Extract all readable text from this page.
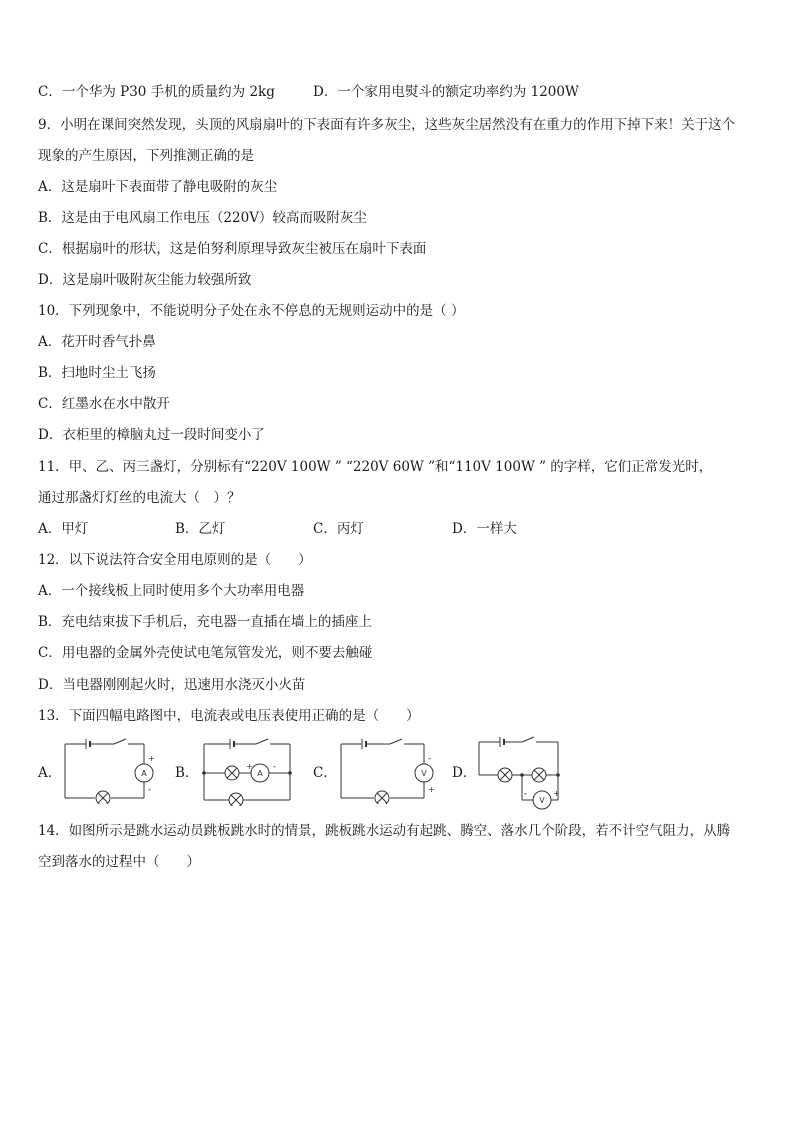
C．一个华为 P30 手机的质量约为 2kg	D．一个家用电熨斗的额定功率约为 1200W
9．小明在课间突然发现，头顶的风扇扇叶的下表面有许多灰尘，这些灰尘居然没有在重力的作用下掉下来！关于这个
现象的产生原因，下列推测正确的是
A．这是扇叶下表面带了静电吸附的灰尘
B．这是由于电风扇工作电压（220V）较高而吸附灰尘
C．根据扇叶的形状，这是伯努利原理导致灰尘被压在扇叶下表面
D．这是扇叶吸附灰尘能力较强所致
10．下列现象中，不能说明分子处在永不停息的无规则运动中的是（ ）
A．花开时香气扑鼻
B．扫地时尘土飞扬
C．红墨水在水中散开
D．衣柜里的樟脑丸过一段时间变小了
11．甲、乙、丙三盏灯，分别标有“220V 100W ” “220V 60W ”和“110V 100W ” 的字样，它们正常发光时，
通过那盏灯灯丝的电流大（　）？
A．甲灯	B．乙灯	C．丙灯	D．一样大
12．以下说法符合安全用电原则的是（　　）
A．一个接线板上同时使用多个大功率用电器
B．充电结束拔下手机后，充电器一直插在墙上的插座上
C．用电器的金属外壳使试电笔氖管发光，则不要去触碰
D．当电器刚刚起火时，迅速用水浇灭小火苗
13．下面四幅电路图中，电流表或电压表使用正确的是（　　）
A．	A
+
-
B．	A
+ -	C．	V
-
+
D．
V
-	+
14．如图所示是跳水运动员跳板跳水时的情景，跳板跳水运动有起跳、腾空、落水几个阶段，若不计空气阻力，从腾
空到落水的过程中（　　）
